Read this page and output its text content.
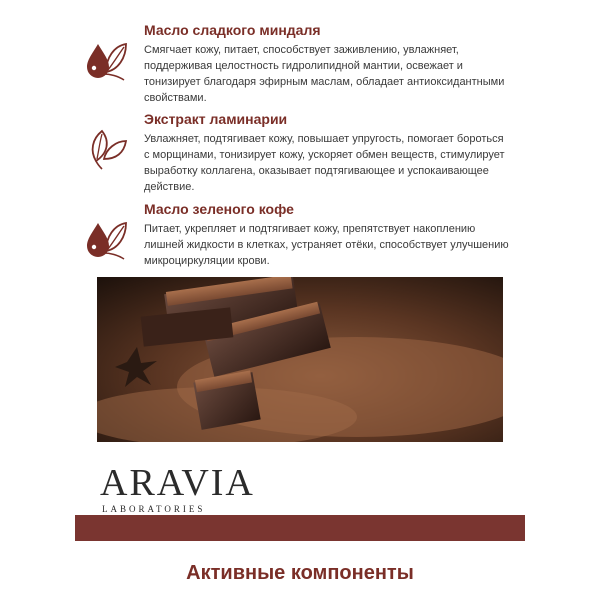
Масло сладкого миндаля
Смягчает кожу, питает, способствует заживлению, увлажняет, поддерживая целостность гидролипидной мантии, освежает и тонизирует благодаря эфирным маслам, обладает антиоксидантными свойствами.
Экстракт ламинарии
Увлажняет, подтягивает кожу, повышает упругость, помогает бороться с морщинами, тонизирует кожу, ускоряет обмен веществ, стимулирует выработку коллагена, оказывает подтягивающее и успокаивающее действие.
Масло зеленого кофе
Питает, укрепляет и подтягивает кожу, препятствует накоплению лишней жидкости в клетках, устраняет отёки, способствует улучшению микроциркуляции крови.
ARAVIA
LABORATORIES
Активные компоненты
